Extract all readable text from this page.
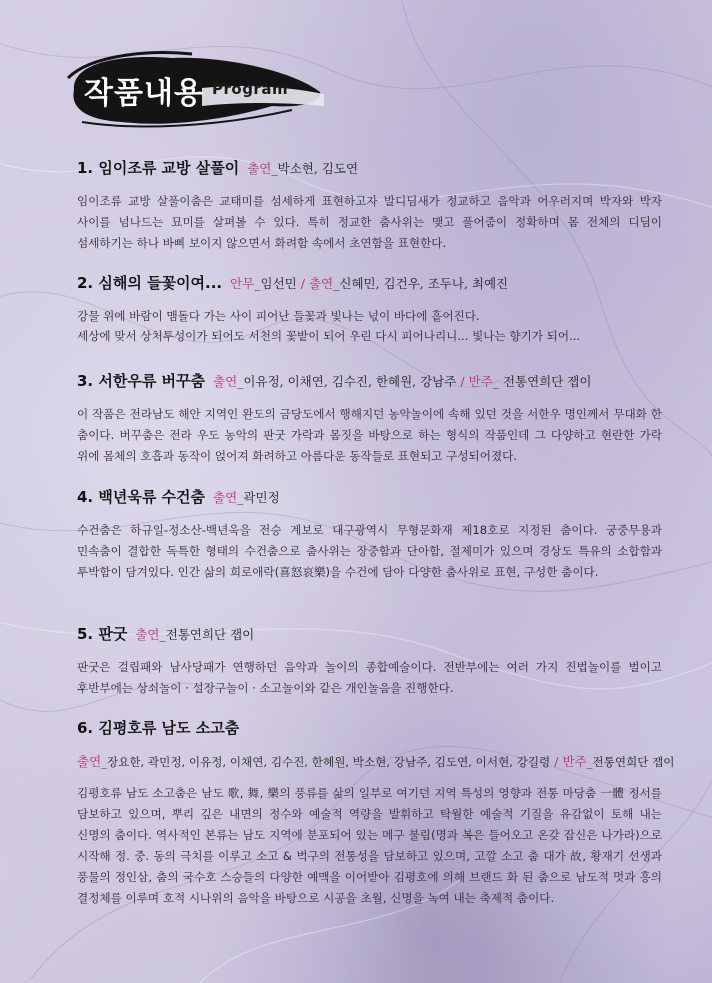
작품내용 Program
1. 임이조류 교방 살풀이 출연_박소현, 김도연
임이조류 교방 살풀이춤은 교태미를 섬세하게 표현하고자 발디딤새가 정교하고 음악과 어우러지며 박자와 박자 사이를 넘나드는 묘미를 살펴볼 수 있다. 특히 정교한 춤사위는 맺고 풀어줌이 정확하며 몸 전체의 디딤이 섬세하기는 하나 바삐 보이지 않으면서 화려함 속에서 초연함을 표현한다.
2. 심해의 들꽃이여... 안무_임선민 / 출연_신혜민, 김건우, 조두나, 최예진
강물 위에 바람이 맴돌다 가는 사이 피어난 들꽃과 빛나는 넋이 바다에 흩어진다.
세상에 맞서 상처투성이가 되어도 서천의 꽃밭이 되어 우린 다시 피어나리니... 빛나는 향기가 되어...
3. 서한우류 버꾸춤 출연_이유정, 이채연, 김수진, 한혜원, 강남주 / 반주_ 전통연희단 잽이
이 작품은 전라남도 해안 지역인 완도의 금당도에서 행해지던 농악놀이에 속해 있던 것을 서한우 명인께서 무대화 한 춤이다. 버꾸춤은 전라 우도 농악의 판굿 가락과 몸짓을 바탕으로 하는 형식의 작품인데 그 다양하고 현란한 가락 위에 몸체의 호흡과 동작이 얹어져 화려하고 아름다운 동작들로 표현되고 구성되어졌다.
4. 백년욱류 수건춤 출연_곽민정
수건춤은 하규일-정소산-백년욱을 전승 계보로 대구광역시 무형문화재 제18호로 지정된 춤이다. 궁중무용과 민속춤이 결합한 독특한 형태의 수건춤으로 춤사위는 장중함과 단아함, 절제미가 있으며 경상도 특유의 소합함과 투박함이 담겨있다. 인간 삶의 희로애락(喜怒哀樂)을 수건에 담아 다양한 춤사위로 표현, 구성한 춤이다.
5. 판굿 출연_전통연희단 잽이
판굿은 걸립패와 남사당패가 연행하던 음악과 놀이의 종합예술이다. 전반부에는 여러 가지 진법놀이를 벌이고 후반부에는 상쇠놀이 · 설장구놀이 · 소고놀이와 같은 개인놀음을 진행한다.
6. 김평호류 남도 소고춤
출연_장요한, 곽민정, 이유정, 이채연, 김수진, 한혜원, 박소현, 강남주, 김도연, 이서현, 강길령 / 반주_전통연희단 잽이
김평호류 남도 소고춤은 남도 歌, 舞, 樂의 풍류를 삶의 일부로 여기던 지역 특성의 영향과 전통 마당춤 一體 정서를 담보하고 있으며, 뿌리 깊은 내면의 정수와 예술적 역량을 발휘하고 탁월한 예술적 기질을 유감없이 토해 내는 신명의 춤이다. 역사적인 본류는 남도 지역에 분포되어 있는 메구 불림(명과 복은 들어오고 온갖 잡신은 나가라)으로 시작해 정. 중. 동의 극치를 이루고 소고 & 벅구의 전통성을 담보하고 있으며, 고깔 소고 춤 대가 故, 황재기 선생과 풍물의 정인삼, 춤의 국수호 스승들의 다양한 예맥을 이어받아 김평호에 의해 브랜드 화 된 춤으로 남도적 멋과 흥의 결정체를 이루며 호적 시나위의 음악을 바탕으로 시공을 초월, 신명을 녹여 내는 축제적 춤이다.
